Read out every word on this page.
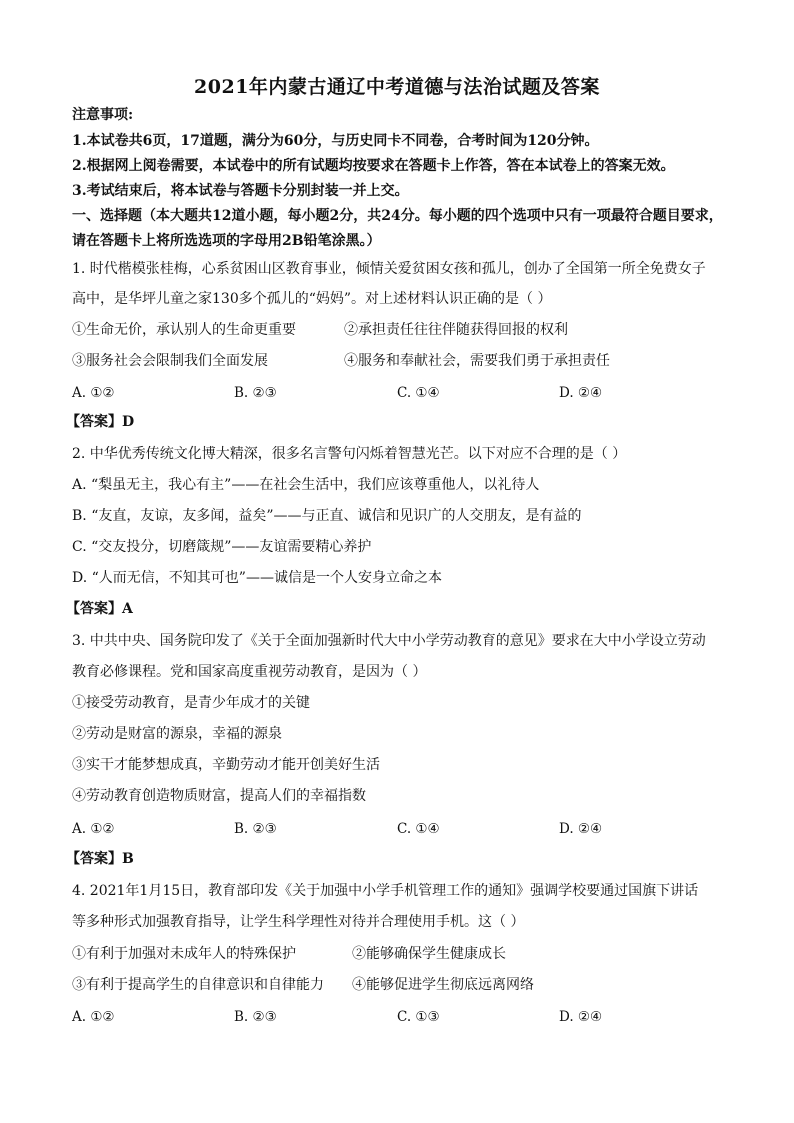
2021年内蒙古通辽中考道德与法治试题及答案
注意事项:
1.本试卷共6页，17道题，满分为60分，与历史同卡不同卷，合考时间为120分钟。
2.根据网上阅卷需要，本试卷中的所有试题均按要求在答题卡上作答，答在本试卷上的答案无效。
3.考试结束后，将本试卷与答题卡分别封装一并上交。
一、选择题（本大题共12道小题，每小题2分，共24分。每小题的四个选项中只有一项最符合题目要求，
请在答题卡上将所选选项的字母用2B铅笔涂黑。）
1. 时代楷模张桂梅，心系贫困山区教育事业，倾情关爱贫困女孩和孤儿，创办了全国第一所全免费女子
高中，是华坪儿童之家130多个孤儿的“妈妈”。对上述材料认识正确的是（ ）
①生命无价，承认别人的生命更重要	②承担责任往往伴随获得回报的权利
③服务社会会限制我们全面发展	④服务和奉献社会，需要我们勇于承担责任
A. ①②	B. ②③	C. ①④	D. ②④
【答案】D
2. 中华优秀传统文化博大精深，很多名言警句闪烁着智慧光芒。以下对应不合理的是（ ）
A. “梨虽无主，我心有主”——在社会生活中，我们应该尊重他人，以礼待人
B. “友直，友谅，友多闻，益矣”——与正直、诚信和见识广的人交朋友，是有益的
C. “交友投分，切磨箴规”——友谊需要精心养护
D. “人而无信，不知其可也”——诚信是一个人安身立命之本
【答案】A
3. 中共中央、国务院印发了《关于全面加强新时代大中小学劳动教育的意见》要求在大中小学设立劳动
教育必修课程。党和国家高度重视劳动教育，是因为（ ）
①接受劳动教育，是青少年成才的关键
②劳动是财富的源泉，幸福的源泉
③实干才能梦想成真，辛勤劳动才能开创美好生活
④劳动教育创造物质财富，提高人们的幸福指数
A. ①②	B. ②③	C. ①④	D. ②④
【答案】B
4. 2021年1月15日，教育部印发《关于加强中小学手机管理工作的通知》强调学校要通过国旗下讲话
等多种形式加强教育指导，让学生科学理性对待并合理使用手机。这（ ）
①有利于加强对未成年人的特殊保护	②能够确保学生健康成长
③有利于提高学生的自律意识和自律能力 ④能够促进学生彻底远离网络
A. ①②	B. ②③	C. ①③	D. ②④
